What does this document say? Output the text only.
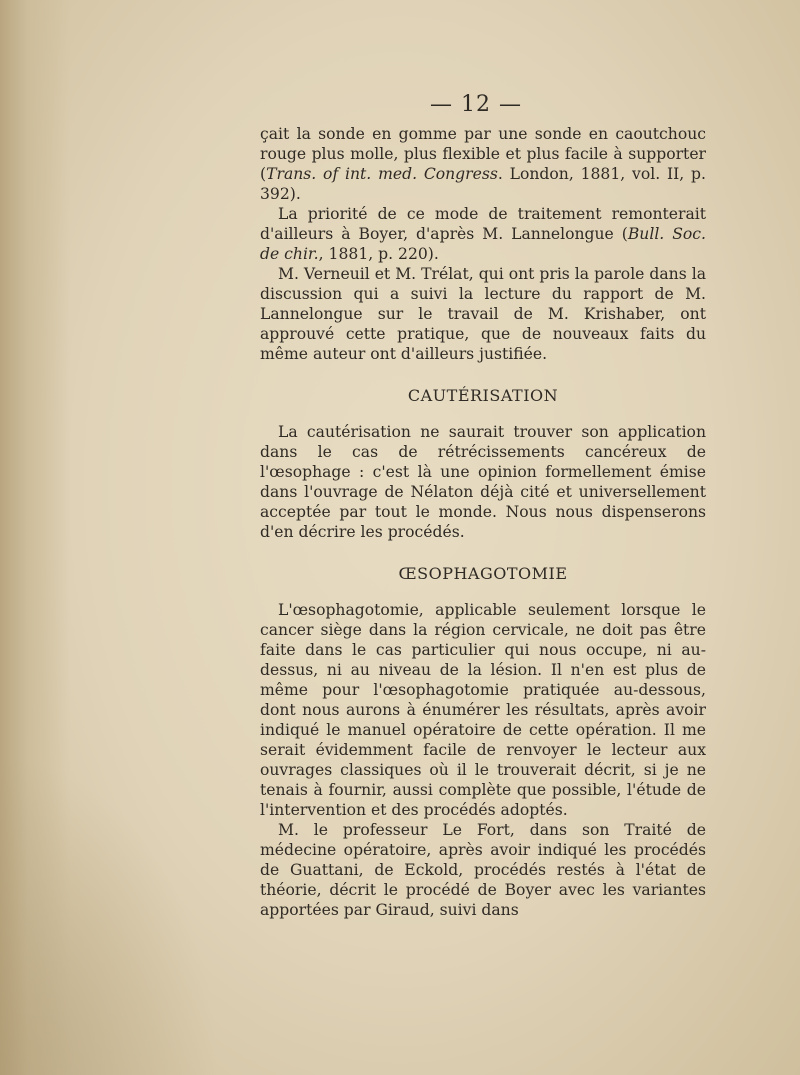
— 12 —

çait la sonde en gomme par une sonde en caoutchouc rouge plus molle, plus flexible et plus facile à supporter (Trans. of int. med. Congress. London, 1881, vol. II, p. 392).

La priorité de ce mode de traitement remonterait d'ailleurs à Boyer, d'après M. Lannelongue (Bull. Soc. de chir., 1881, p. 220).

M. Verneuil et M. Trélat, qui ont pris la parole dans la discussion qui a suivi la lecture du rapport de M. Lannelongue sur le travail de M. Krishaber, ont approuvé cette pratique, que de nouveaux faits du même auteur ont d'ailleurs justifiée.

CAUTÉRISATION

La cautérisation ne saurait trouver son application dans le cas de rétrécissements cancéreux de l'œsophage : c'est là une opinion formellement émise dans l'ouvrage de Nélaton déjà cité et universellement acceptée par tout le monde. Nous nous dispenserons d'en décrire les procédés.

ŒSOPHAGOTOMIE

L'œsophagotomie, applicable seulement lorsque le cancer siège dans la région cervicale, ne doit pas être faite dans le cas particulier qui nous occupe, ni au-dessus, ni au niveau de la lésion. Il n'en est plus de même pour l'œsophagotomie pratiquée au-dessous, dont nous aurons à énumérer les résultats, après avoir indiqué le manuel opératoire de cette opération. Il me serait évidemment facile de renvoyer le lecteur aux ouvrages classiques où il le trouverait décrit, si je ne tenais à fournir, aussi complète que possible, l'étude de l'intervention et des procédés adoptés.

M. le professeur Le Fort, dans son Traité de médecine opératoire, après avoir indiqué les procédés de Guattani, de Eckold, procédés restés à l'état de théorie, décrit le procédé de Boyer avec les variantes apportées par Giraud, suivi dans
